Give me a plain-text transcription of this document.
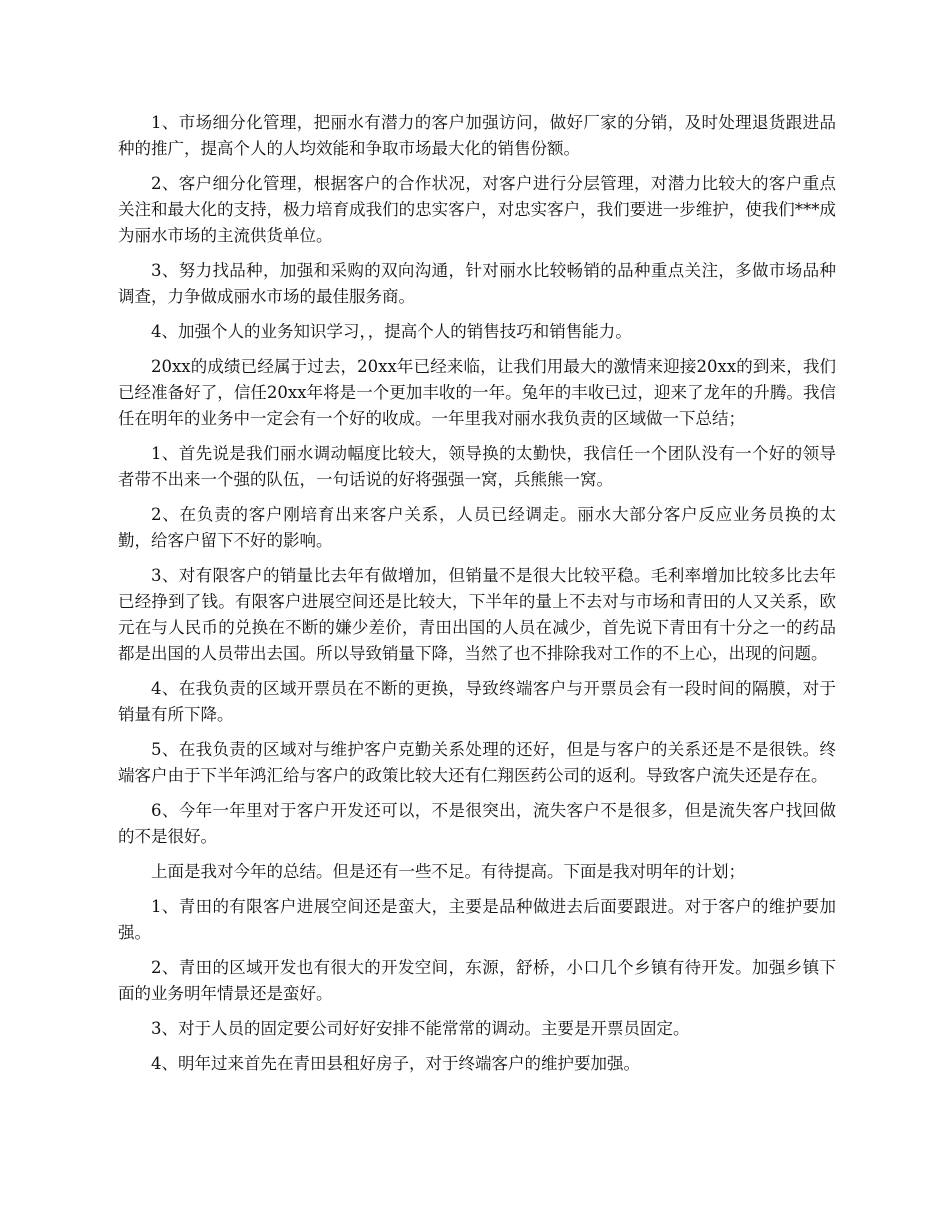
1、市场细分化管理，把丽水有潜力的客户加强访问，做好厂家的分销，及时处理退货跟进品种的推广，提高个人的人均效能和争取市场最大化的销售份额。

2、客户细分化管理，根据客户的合作状况，对客户进行分层管理，对潜力比较大的客户重点关注和最大化的支持，极力培育成我们的忠实客户，对忠实客户，我们要进一步维护，使我们***成为丽水市场的主流供货单位。

3、努力找品种，加强和采购的双向沟通，针对丽水比较畅销的品种重点关注，多做市场品种调查，力争做成丽水市场的最佳服务商。

4、加强个人的业务知识学习，，提高个人的销售技巧和销售能力。

20xx的成绩已经属于过去，20xx年已经来临，让我们用最大的激情来迎接20xx的到来，我们已经准备好了，信任20xx年将是一个更加丰收的一年。兔年的丰收已过，迎来了龙年的升腾。我信任在明年的业务中一定会有一个好的收成。一年里我对丽水我负责的区域做一下总结；

1、首先说是我们丽水调动幅度比较大，领导换的太勤快，我信任一个团队没有一个好的领导者带不出来一个强的队伍，一句话说的好将强强一窝，兵熊熊一窝。

2、在负责的客户刚培育出来客户关系，人员已经调走。丽水大部分客户反应业务员换的太勤，给客户留下不好的影响。

3、对有限客户的销量比去年有做增加，但销量不是很大比较平稳。毛利率增加比较多比去年已经挣到了钱。有限客户进展空间还是比较大，下半年的量上不去对与市场和青田的人又关系，欧元在与人民币的兑换在不断的嫌少差价，青田出国的人员在减少，首先说下青田有十分之一的药品都是出国的人员带出去国。所以导致销量下降，当然了也不排除我对工作的不上心，出现的问题。

4、在我负责的区域开票员在不断的更换，导致终端客户与开票员会有一段时间的隔膜，对于销量有所下降。

5、在我负责的区域对与维护客户克勤关系处理的还好，但是与客户的关系还是不是很铁。终端客户由于下半年鸿汇给与客户的政策比较大还有仁翔医药公司的返利。导致客户流失还是存在。

6、今年一年里对于客户开发还可以，不是很突出，流失客户不是很多，但是流失客户找回做的不是很好。

上面是我对今年的总结。但是还有一些不足。有待提高。下面是我对明年的计划；

1、青田的有限客户进展空间还是蛮大，主要是品种做进去后面要跟进。对于客户的维护要加强。

2、青田的区域开发也有很大的开发空间，东源，舒桥，小口几个乡镇有待开发。加强乡镇下面的业务明年情景还是蛮好。

3、对于人员的固定要公司好好安排不能常常的调动。主要是开票员固定。

4、明年过来首先在青田县租好房子，对于终端客户的维护要加强。
